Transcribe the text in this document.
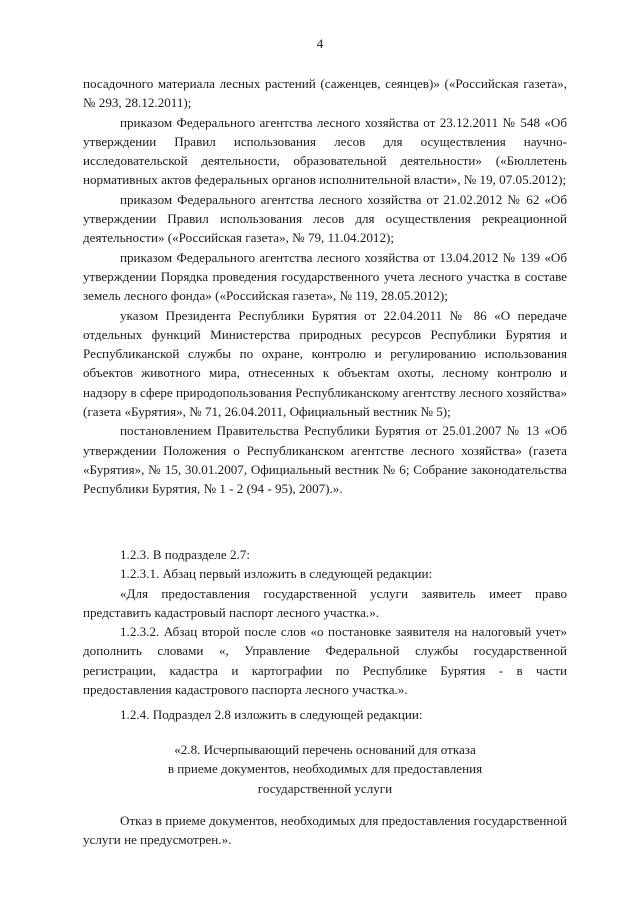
4

посадочного материала лесных растений (саженцев, сеянцев)» («Российская газета», № 293, 28.12.2011);

приказом Федерального агентства лесного хозяйства от 23.12.2011 № 548 «Об утверждении Правил использования лесов для осуществления научно-исследовательской деятельности, образовательной деятельности» («Бюллетень нормативных актов федеральных органов исполнительной власти», № 19, 07.05.2012);

приказом Федерального агентства лесного хозяйства от 21.02.2012 № 62 «Об утверждении Правил использования лесов для осуществления рекреационной деятельности» («Российская газета», № 79, 11.04.2012);

приказом Федерального агентства лесного хозяйства от 13.04.2012 № 139 «Об утверждении Порядка проведения государственного учета лесного участка в составе земель лесного фонда» («Российская газета», № 119, 28.05.2012);

указом Президента Республики Бурятия от 22.04.2011 № 86 «О передаче отдельных функций Министерства природных ресурсов Республики Бурятия и Республиканской службы по охране, контролю и регулированию использования объектов животного мира, отнесенных к объектам охоты, лесному контролю и надзору в сфере природопользования Республиканскому агентству лесного хозяйства» (газета «Бурятия», № 71, 26.04.2011, Официальный вестник № 5);

постановлением Правительства Республики Бурятия от 25.01.2007 № 13 «Об утверждении Положения о Республиканском агентстве лесного хозяйства» (газета «Бурятия», № 15, 30.01.2007, Официальный вестник № 6; Собрание законодательства Республики Бурятия, № 1 - 2 (94 - 95), 2007).».

1.2.3. В подразделе 2.7:

1.2.3.1. Абзац первый изложить в следующей редакции:

«Для предоставления государственной услуги заявитель имеет право представить кадастровый паспорт лесного участка.».

1.2.3.2. Абзац второй после слов «о постановке заявителя на налоговый учет» дополнить словами «, Управление Федеральной службы государственной регистрации, кадастра и картографии по Республике Бурятия - в части предоставления кадастрового паспорта лесного участка.».

1.2.4. Подраздел 2.8 изложить в следующей редакции:

«2.8. Исчерпывающий перечень оснований для отказа

в приеме документов, необходимых для предоставления

государственной услуги

Отказ в приеме документов, необходимых для предоставления государственной услуги не предусмотрен.».
